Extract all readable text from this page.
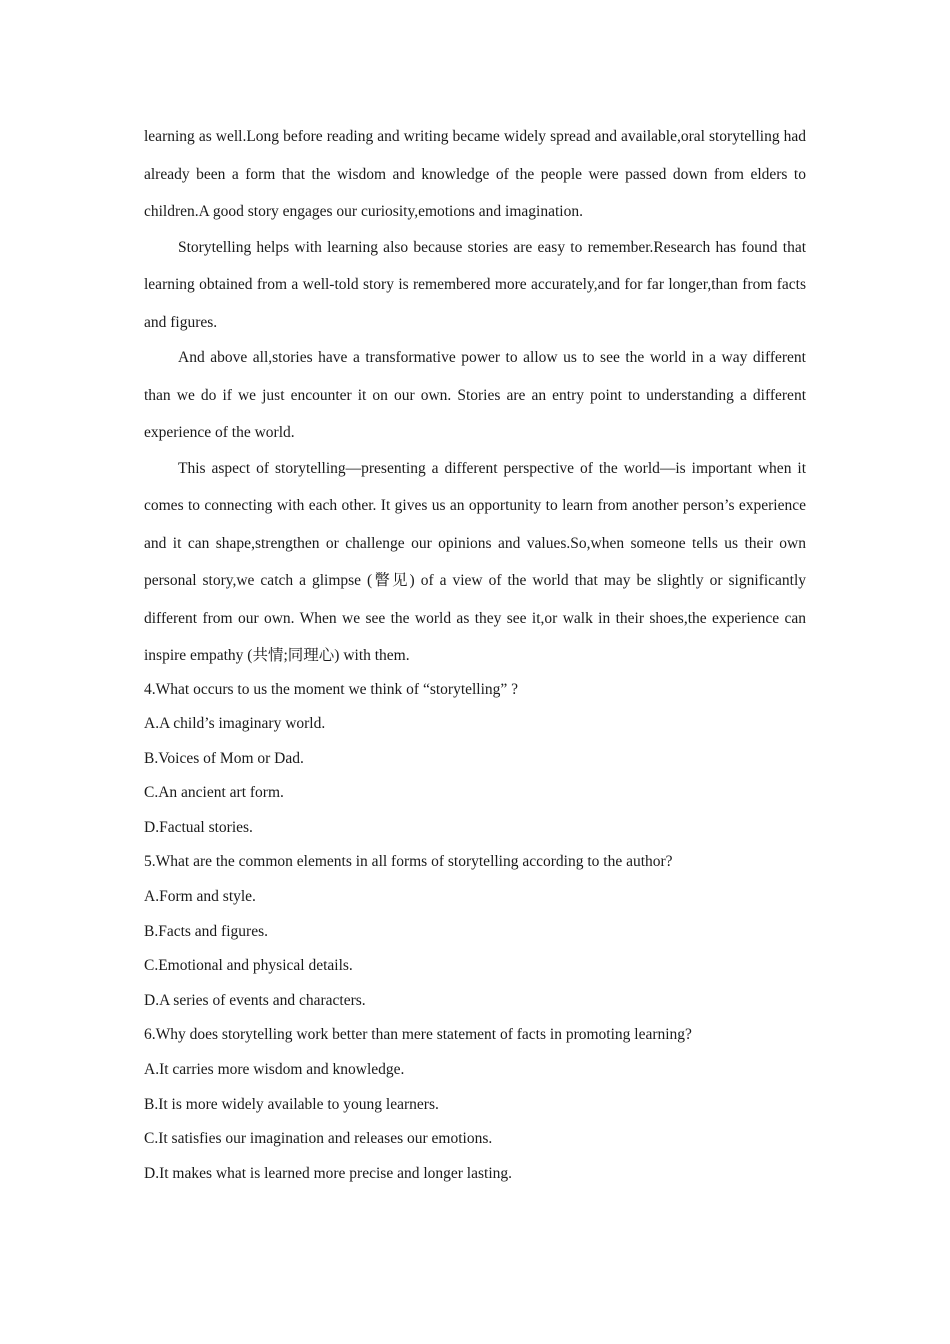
learning as well.Long before reading and writing became widely spread and available,oral storytelling had already been a form that the wisdom and knowledge of the people were passed down from elders to children.A good story engages our curiosity,emotions and imagination.

Storytelling helps with learning also because stories are easy to remember.Research has found that learning obtained from a well-told story is remembered more accurately,and for far longer,than from facts and figures.

And above all,stories have a transformative power to allow us to see the world in a way different than we do if we just encounter it on our own. Stories are an entry point to understanding a different experience of the world.

This aspect of storytelling—presenting a different perspective of the world—is important when it comes to connecting with each other. It gives us an opportunity to learn from another person’s experience and it can shape,strengthen or challenge our opinions and values.So,when someone tells us their own personal story,we catch a glimpse (瞥见) of a view of the world that may be slightly or significantly different from our own. When we see the world as they see it,or walk in their shoes,the experience can inspire empathy (共情;同理心) with them.

4.What occurs to us the moment we think of “storytelling” ?

A.A child’s imaginary world.

B.Voices of Mom or Dad.

C.An ancient art form.

D.Factual stories.

5.What are the common elements in all forms of storytelling according to the author?

A.Form and style.

B.Facts and figures.

C.Emotional and physical details.

D.A series of events and characters.

6.Why does storytelling work better than mere statement of facts in promoting learning?

A.It carries more wisdom and knowledge.

B.It is more widely available to young learners.

C.It satisfies our imagination and releases our emotions.

D.It makes what is learned more precise and longer lasting.
